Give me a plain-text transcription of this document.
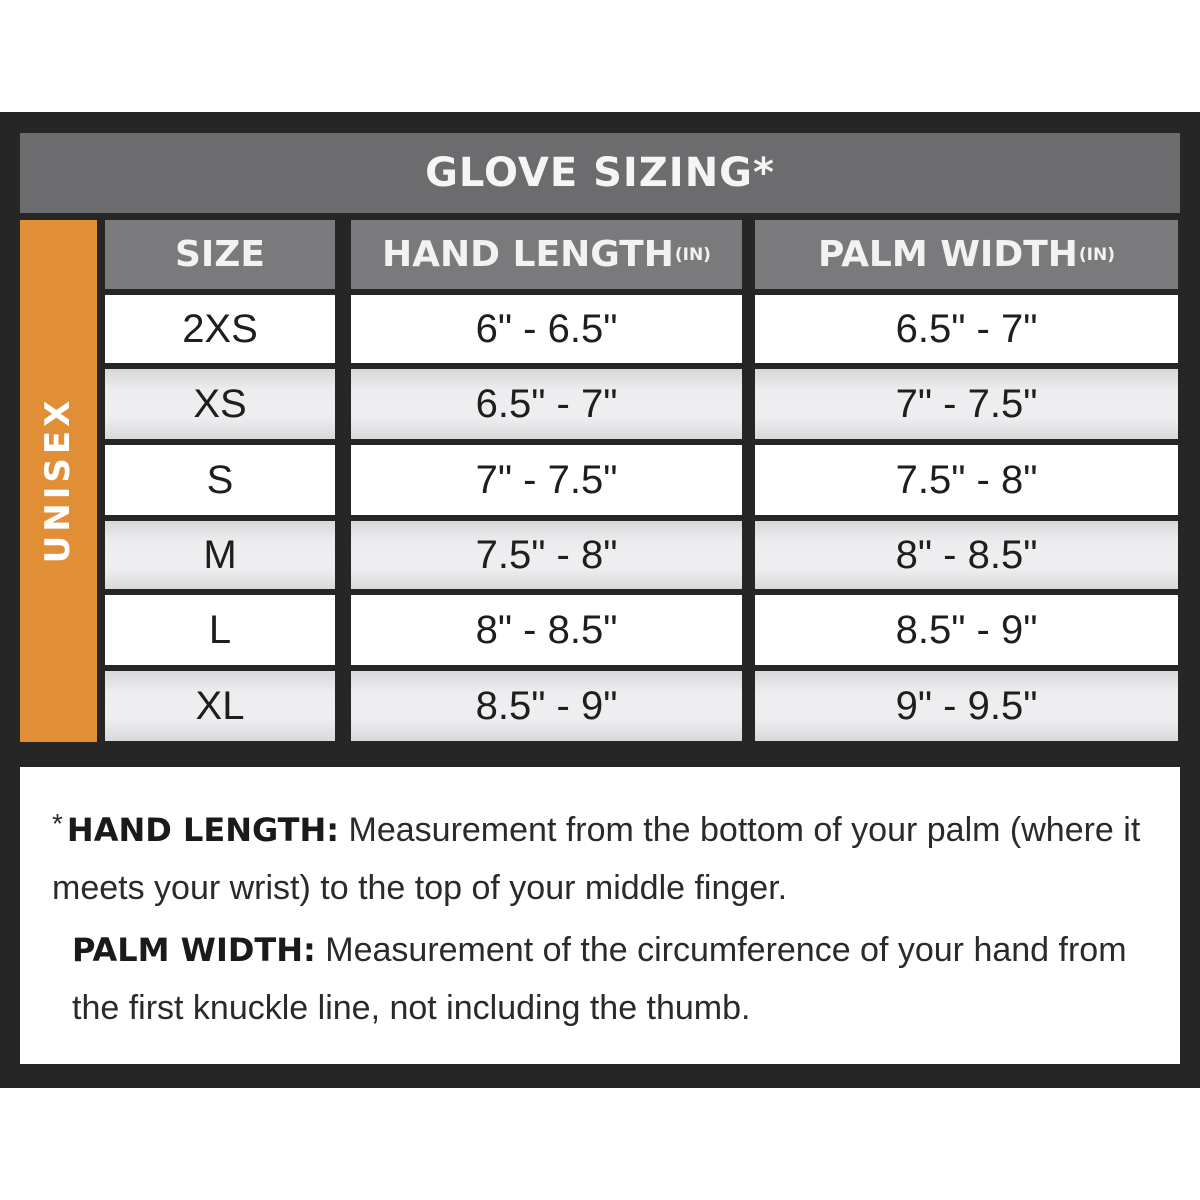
GLOVE SIZING*
UNISEX
SIZE	HAND LENGTH (IN)	PALM WIDTH (IN)
2XS	6" - 6.5"	6.5" - 7"
XS	6.5" - 7"	7" - 7.5"
S	7" - 7.5"	7.5" - 8"
M	7.5" - 8"	8" - 8.5"
L	8" - 8.5"	8.5" - 9"
XL	8.5" - 9"	9" - 9.5"
* HAND LENGTH: Measurement from the bottom of your palm (where it meets your wrist) to the top of your middle finger.
PALM WIDTH: Measurement of the circumference of your hand from the first knuckle line, not including the thumb.
